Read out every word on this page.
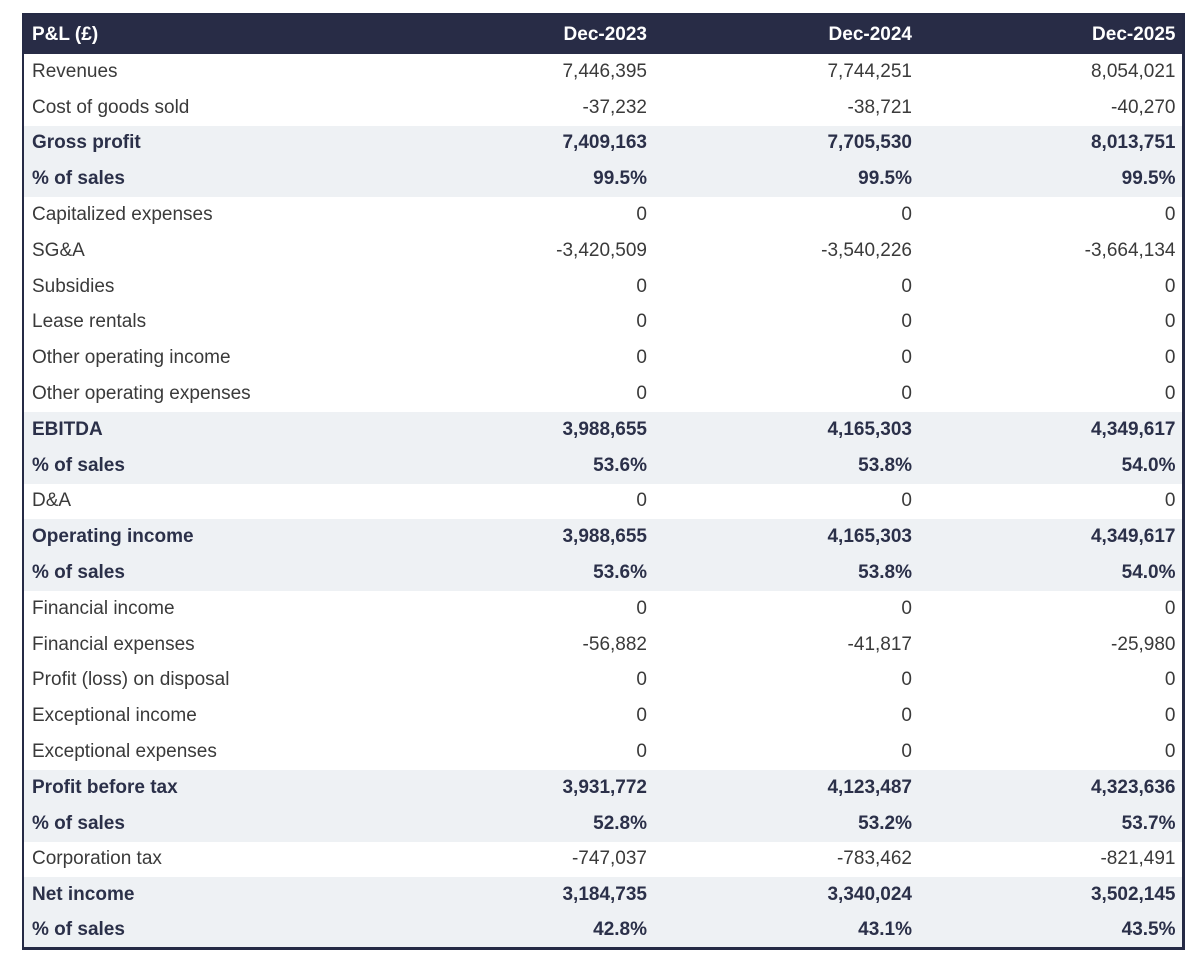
P&L (£)	Dec-2023	Dec-2024	Dec-2025
Revenues	7,446,395	7,744,251	8,054,021
Cost of goods sold	-37,232	-38,721	-40,270
Gross profit	7,409,163	7,705,530	8,013,751
% of sales	99.5%	99.5%	99.5%
Capitalized expenses	0	0	0
SG&A	-3,420,509	-3,540,226	-3,664,134
Subsidies	0	0	0
Lease rentals	0	0	0
Other operating income	0	0	0
Other operating expenses	0	0	0
EBITDA	3,988,655	4,165,303	4,349,617
% of sales	53.6%	53.8%	54.0%
D&A	0	0	0
Operating income	3,988,655	4,165,303	4,349,617
% of sales	53.6%	53.8%	54.0%
Financial income	0	0	0
Financial expenses	-56,882	-41,817	-25,980
Profit (loss) on disposal	0	0	0
Exceptional income	0	0	0
Exceptional expenses	0	0	0
Profit before tax	3,931,772	4,123,487	4,323,636
% of sales	52.8%	53.2%	53.7%
Corporation tax	-747,037	-783,462	-821,491
Net income	3,184,735	3,340,024	3,502,145
% of sales	42.8%	43.1%	43.5%
